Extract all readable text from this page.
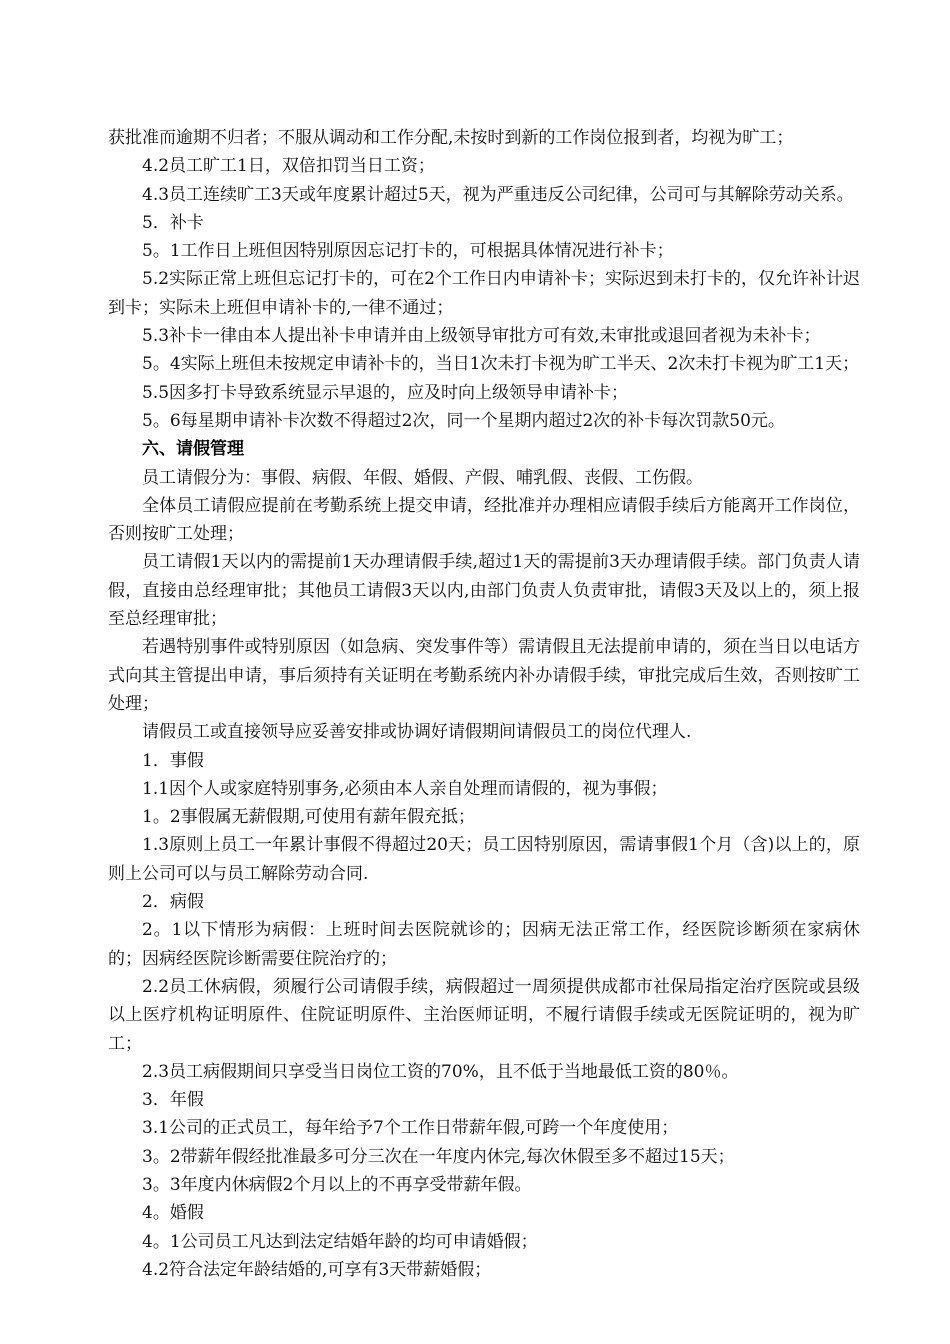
获批准而逾期不归者；不服从调动和工作分配,未按时到新的工作岗位报到者，均视为旷工；

4.2员工旷工1日，双倍扣罚当日工资；

4.3员工连续旷工3天或年度累计超过5天，视为严重违反公司纪律，公司可与其解除劳动关系。

5．补卡

5。1工作日上班但因特别原因忘记打卡的，可根据具体情况进行补卡；

5.2实际正常上班但忘记打卡的，可在2个工作日内申请补卡；实际迟到未打卡的，仅允许补计迟到卡；实际未上班但申请补卡的,一律不通过；

5.3补卡一律由本人提出补卡申请并由上级领导审批方可有效,未审批或退回者视为未补卡；

5。4实际上班但未按规定申请补卡的，当日1次未打卡视为旷工半天、2次未打卡视为旷工1天；

5.5因多打卡导致系统显示早退的，应及时向上级领导申请补卡；

5。6每星期申请补卡次数不得超过2次，同一个星期内超过2次的补卡每次罚款50元。

六、请假管理

员工请假分为：事假、病假、年假、婚假、产假、哺乳假、丧假、工伤假。

全体员工请假应提前在考勤系统上提交申请，经批准并办理相应请假手续后方能离开工作岗位，否则按旷工处理；

员工请假1天以内的需提前1天办理请假手续,超过1天的需提前3天办理请假手续。部门负责人请假，直接由总经理审批；其他员工请假3天以内,由部门负责人负责审批，请假3天及以上的，须上报至总经理审批；

若遇特别事件或特别原因（如急病、突发事件等）需请假且无法提前申请的，须在当日以电话方式向其主管提出申请，事后须持有关证明在考勤系统内补办请假手续，审批完成后生效，否则按旷工处理；

请假员工或直接领导应妥善安排或协调好请假期间请假员工的岗位代理人.

1．事假

1.1因个人或家庭特别事务,必须由本人亲自处理而请假的，视为事假；

1。2事假属无薪假期,可使用有薪年假充抵；

1.3原则上员工一年累计事假不得超过20天；员工因特别原因，需请事假1个月（含)以上的，原则上公司可以与员工解除劳动合同.

2．病假

2。1以下情形为病假：上班时间去医院就诊的；因病无法正常工作，经医院诊断须在家病休的；因病经医院诊断需要住院治疗的；

2.2员工休病假，须履行公司请假手续，病假超过一周须提供成都市社保局指定治疗医院或县级以上医疗机构证明原件、住院证明原件、主治医师证明，不履行请假手续或无医院证明的，视为旷工；

2.3员工病假期间只享受当日岗位工资的70%，且不低于当地最低工资的80％。

3．年假

3.1公司的正式员工，每年给予7个工作日带薪年假,可跨一个年度使用；

3。2带薪年假经批准最多可分三次在一年度内休完,每次休假至多不超过15天；

3。3年度内休病假2个月以上的不再享受带薪年假。

4。婚假

4。1公司员工凡达到法定结婚年龄的均可申请婚假；

4.2符合法定年龄结婚的,可享有3天带薪婚假；
